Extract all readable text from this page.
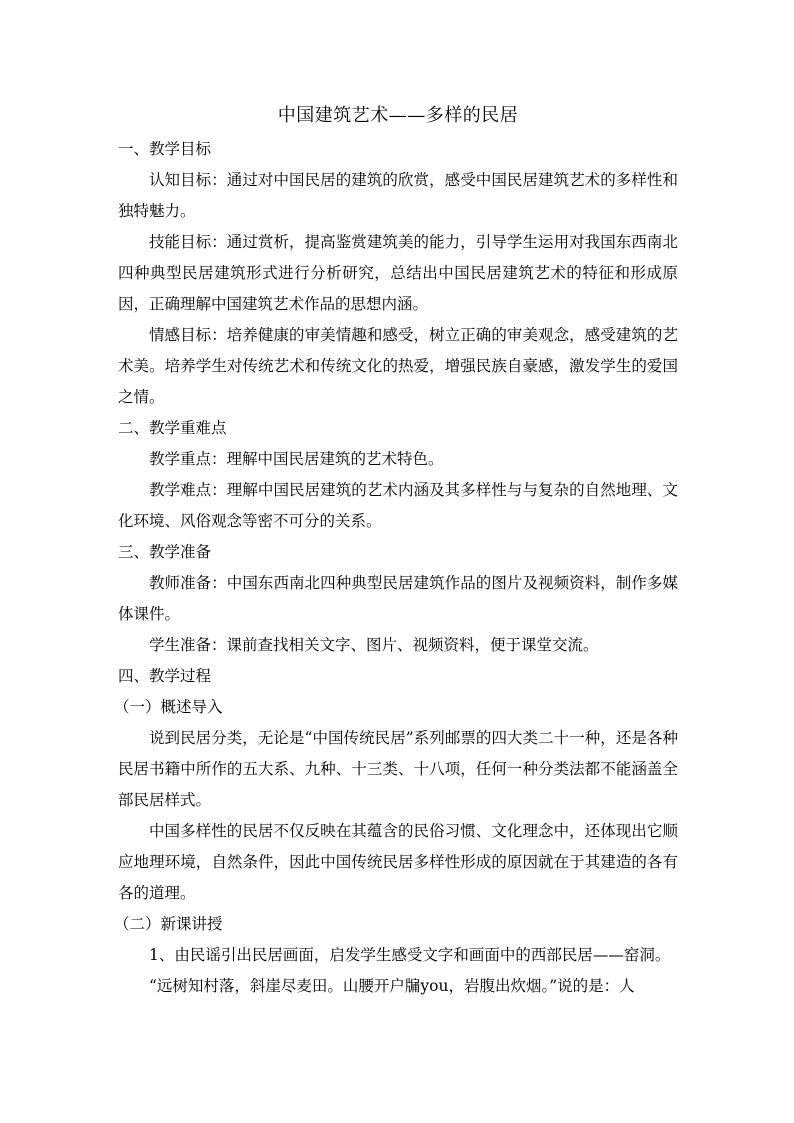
中国建筑艺术——多样的民居
一、教学目标

认知目标：通过对中国民居的建筑的欣赏，感受中国民居建筑艺术的多样性和独特魅力。

技能目标：通过赏析，提高鉴赏建筑美的能力，引导学生运用对我国东西南北四种典型民居建筑形式进行分析研究，总结出中国民居建筑艺术的特征和形成原因，正确理解中国建筑艺术作品的思想内涵。

情感目标：培养健康的审美情趣和感受，树立正确的审美观念，感受建筑的艺术美。培养学生对传统艺术和传统文化的热爱，增强民族自豪感，激发学生的爱国之情。

二、教学重难点

教学重点：理解中国民居建筑的艺术特色。

教学难点：理解中国民居建筑的艺术内涵及其多样性与与复杂的自然地理、文化环境、风俗观念等密不可分的关系。

三、教学准备

教师准备：中国东西南北四种典型民居建筑作品的图片及视频资料，制作多媒体课件。

学生准备：课前查找相关文字、图片、视频资料，便于课堂交流。

四、教学过程
（一）概述导入

说到民居分类，无论是“中国传统民居”系列邮票的四大类二十一种，还是各种民居书籍中所作的五大系、九种、十三类、十八项，任何一种分类法都不能涵盖全部民居样式。

中国多样性的民居不仅反映在其蕴含的民俗习惯、文化理念中，还体现出它顺应地理环境，自然条件，因此中国传统民居多样性形成的原因就在于其建造的各有各的道理。

（二）新课讲授

1、由民谣引出民居画面，启发学生感受文字和画面中的西部民居——窑洞。

“远树知村落，斜崖尽麦田。山腰开户牖you，岩腹出炊烟。”说的是：人
